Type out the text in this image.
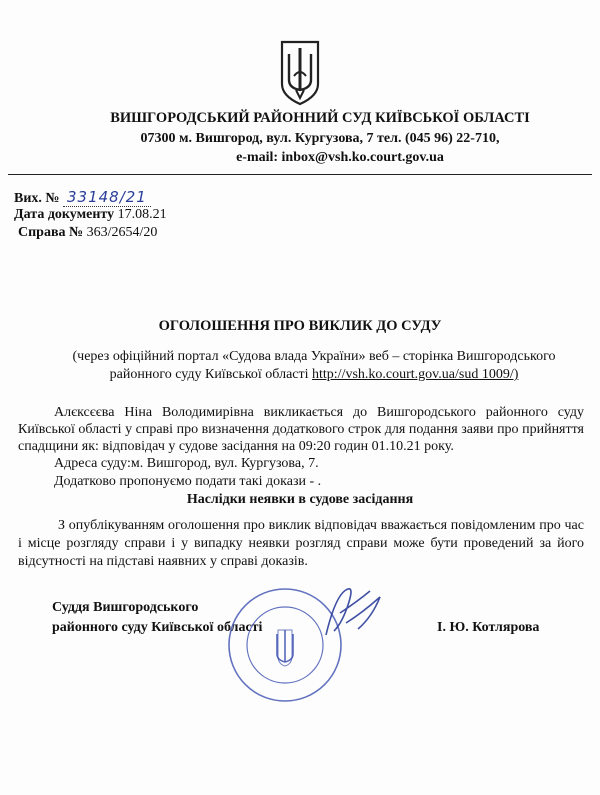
ВИШГОРОДСЬКИЙ РАЙОННИЙ СУД КИЇВСЬКОЇ ОБЛАСТІ
07300 м. Вишгород, вул. Кургузова, 7 тел. (045 96) 22-710,
e-mail: inbox@vsh.ko.court.gov.ua
Вих. № 33148/21
Дата документу 17.08.21
Справа № 363/2654/20
ОГОЛОШЕННЯ ПРО ВИКЛИК ДО СУДУ
(через офіційний портал «Судова влада України» веб – сторінка Вишгородського районного суду Київської області http://vsh.ko.court.gov.ua/sud 1009/)
Алєксєєва Ніна Володимирівна викликається до Вишгородського районного суду Київської області у справі про визначення додаткового строк для подання заяви про прийняття спадщини як: відповідач у судове засідання на 09:20 годин 01.10.21 року.
Адреса суду:м. Вишгород, вул. Кургузова, 7.
Додатково пропонуємо подати такі докази - .
Наслідки неявки в судове засідання
З опублікуванням оголошення про виклик відповідач вважається повідомленим про час і місце розгляду справи і у випадку неявки розгляд справи може бути проведений за його відсутності на підставі наявних у справі доказів.
Суддя Вишгородського
районного суду Київської області	І. Ю. Котлярова
